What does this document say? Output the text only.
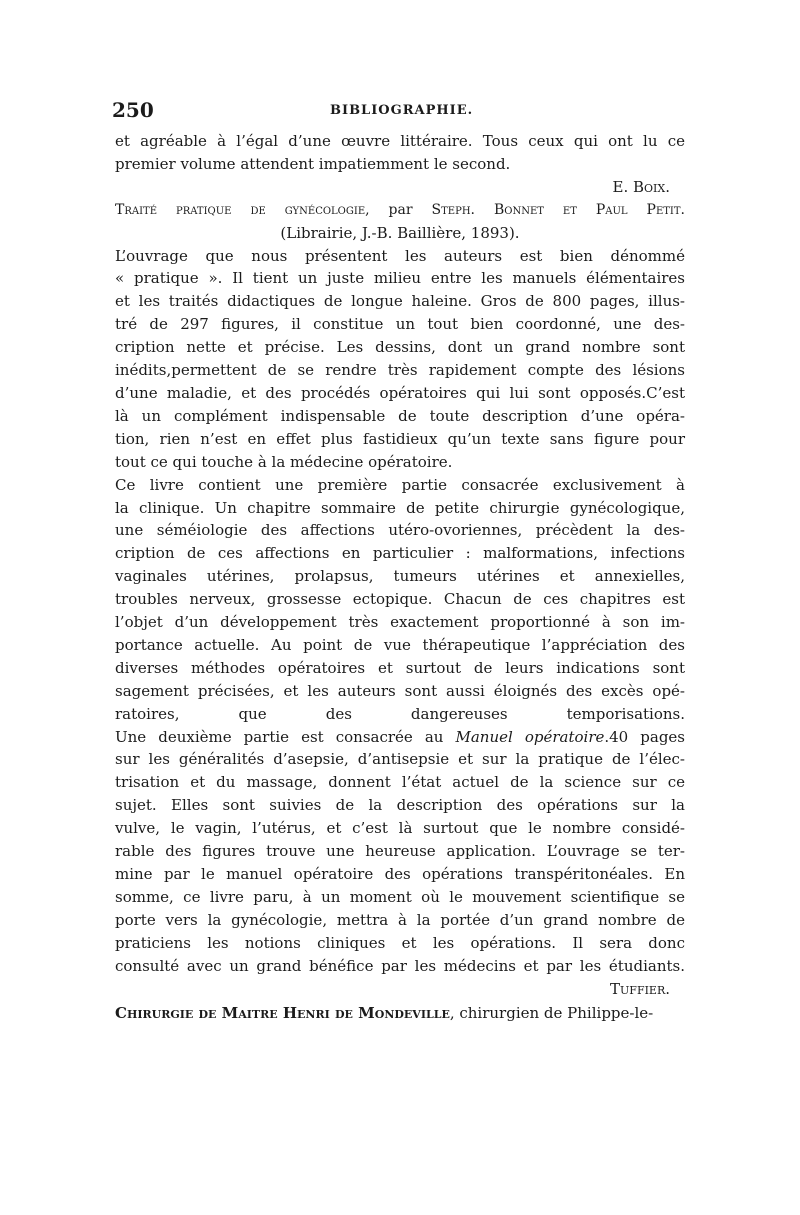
250	BIBLIOGRAPHIE.
et agréable à l’égal d’une œuvre littéraire. Tous ceux qui ont lu ce
premier volume attendent impatiemment le second.
E. Boix.
Traité pratique de gynécologie, par Steph. Bonnet et Paul Petit.
(Librairie, J.-B. Baillière, 1893).
L’ouvrage que nous présentent les auteurs est bien dénommé
« pratique ». Il tient un juste milieu entre les manuels élémentaires
et les traités didactiques de longue haleine. Gros de 800 pages, illus-
tré de 297 figures, il constitue un tout bien coordonné, une des-
cription nette et précise. Les dessins, dont un grand nombre sont
inédits,permettent de se rendre très rapidement compte des lésions
d’une maladie, et des procédés opératoires qui lui sont opposés.C’est
là un complément indispensable de toute description d’une opéra-
tion, rien n’est en effet plus fastidieux qu’un texte sans figure pour
tout ce qui touche à la médecine opératoire.
Ce livre contient une première partie consacrée exclusivement à
la clinique. Un chapitre sommaire de petite chirurgie gynécologique,
une séméiologie des affections utéro-ovoriennes, précèdent la des-
cription de ces affections en particulier : malformations, infections
vaginales utérines, prolapsus, tumeurs utérines et annexielles,
troubles nerveux, grossesse ectopique. Chacun de ces chapitres est
l’objet d’un développement très exactement proportionné à son im-
portance actuelle. Au point de vue thérapeutique l’appréciation des
diverses méthodes opératoires et surtout de leurs indications sont
sagement précisées, et les auteurs sont aussi éloignés des excès opé-
ratoires, que des dangereuses temporisations.
Une deuxième partie est consacrée au Manuel opératoire.40 pages
sur les généralités d’asepsie, d’antisepsie et sur la pratique de l’élec-
trisation et du massage, donnent l’état actuel de la science sur ce
sujet. Elles sont suivies de la description des opérations sur la
vulve, le vagin, l’utérus, et c’est là surtout que le nombre considé-
rable des figures trouve une heureuse application. L’ouvrage se ter-
mine par le manuel opératoire des opérations transpéritonéales. En
somme, ce livre paru, à un moment où le mouvement scientifique se
porte vers la gynécologie, mettra à la portée d’un grand nombre de
praticiens les notions cliniques et les opérations. Il sera donc
consulté avec un grand bénéfice par les médecins et par les étudiants.
Tuffier.
Chirurgie de Maitre Henri de Mondeville, chirurgien de Philippe-le-
